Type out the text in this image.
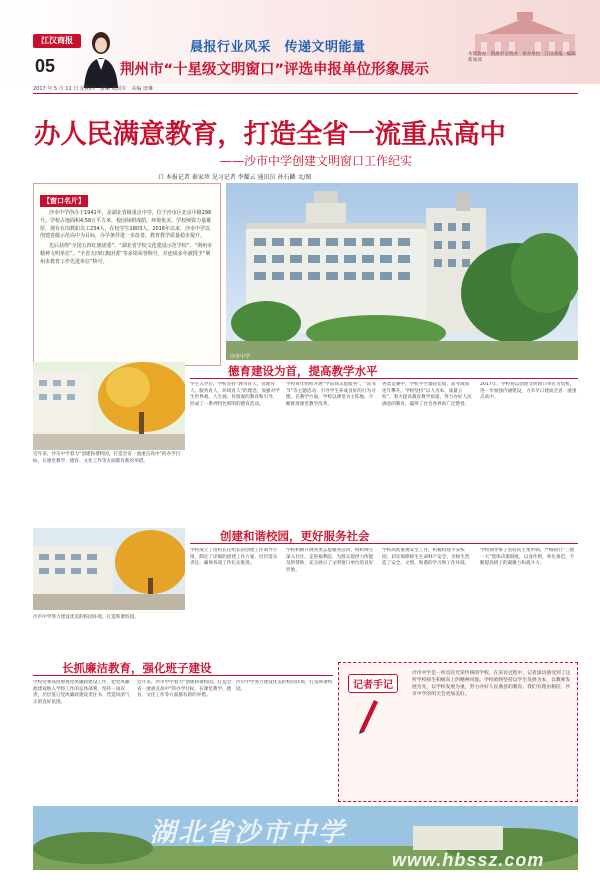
江汉商报
05
晨报行业风采　传递文明能量
荆州市“十星级文明窗口”评选申报单位形象展示
本版协办 荆州市文明办 承办单位 江汉商报 编辑
新闻部
2017 年 5 月 11 日 星期四　责编 刘国军　美编 唐琳
办人民满意教育，打造全省一流重点高中
——沙市中学创建文明窗口工作纪实
口 本报记者 秦家珍 见习记者 李耀云 通讯员 孙石麟 文/图
【窗口名片】

沙市中学创办于1941年，是湖北省级重点中学，位于沙市区北京中路296号。学校占地面积4.58万平方米，校园绿树成荫，环境优美。学校师资力量雄厚，现有在岗教职员工234人，在校学生1803人。2016年以来，沙市中学以创建省级示范高中为目标，办学条件进一步改善，教育教学质量稳步提升。

先后获得“全国五四红旗团委”、“湖北省学校文化建设示范学校”、“荆州市精神文明单位”、“全省五四红旗团委”等多项荣誉称号，并连续多年被授予“荆州市教育工作先进单位”称号。

沙市中学
近年来，沙市中学着力“创建和谐校园，打造全省一流重点高中”的办学目标，在课堂教学、德育、文化工作等方面都有新的举措。
德育建设为首，提高教学水平
学生入学后，学校坚持“教书育人、管理育人、服务育人、环境育人”的理念，加强对学生世界观、人生观、价值观的教育和引导，形成了一系列特色鲜明的德育活动。
学校每年组织开展“学雷锋志愿服务”、“读书节”等主题活动，引导学生养成良好的行为习惯。在教学方面，学校以课堂为主阵地，不断推进课堂教学改革。
各类竞赛中，学校学生屡获佳绩，高考成绩连年攀升。学校坚持“以人为本、质量立校”，着力提高教育教学质量，努力办好人民满意的教育，赢得了社会各界的广泛赞誉。
2017年，学校将以创建文明窗口单位为契机，进一步加强内涵建设，力争早日建成全省一流重点高中。
沙市中学努力建设优美的校园环境，打造和谐校园。
创建和谐校园，更好服务社会
学校成立了由校长任组长的创建工作领导小组，制定了详细的创建工作方案，层层落实责任，确保各项工作扎实推进。
学校积极开展各类志愿服务活动，组织师生深入社区、走进福利院，为群众提供力所能及的帮助，充分展示了文明窗口单位的良好形象。
学校高度重视安全工作，积极构建平安校园，切实保障师生生命财产安全，为师生营造了安全、文明、和谐的学习和工作环境。
学校领导班子坚持民主集中制，严格执行“三重一大”集体决策制度，以身作则，率先垂范，不断提高班子的凝聚力和战斗力。
长抓廉洁教育，强化班子建设
学校党委高度重视党风廉政建设工作，把党风廉政建设纳入学校工作的总体部署，坚持一岗双责，层层签订党风廉政建设责任书，营造风清气正的良好氛围。
近年来，沙市中学着力“创建和谐校园，打造全省一流重点高中”的办学目标，在课堂教学、德育、文化工作等方面都有新的举措。
沙市中学努力建设优美的校园环境，打造和谐校园。	记者手记
沙市中学是一所具有光荣传统的学校。在采访过程中，记者深切感受到了这所学校师生积极向上的精神风貌。学校始终坚持以学生发展为本，以教师发展为先，以学校发展为重，努力办好人民满意的教育。我们有理由相信，沙市中学的明天会更加美好。
湖北省沙市中学
www.hbssz.com
